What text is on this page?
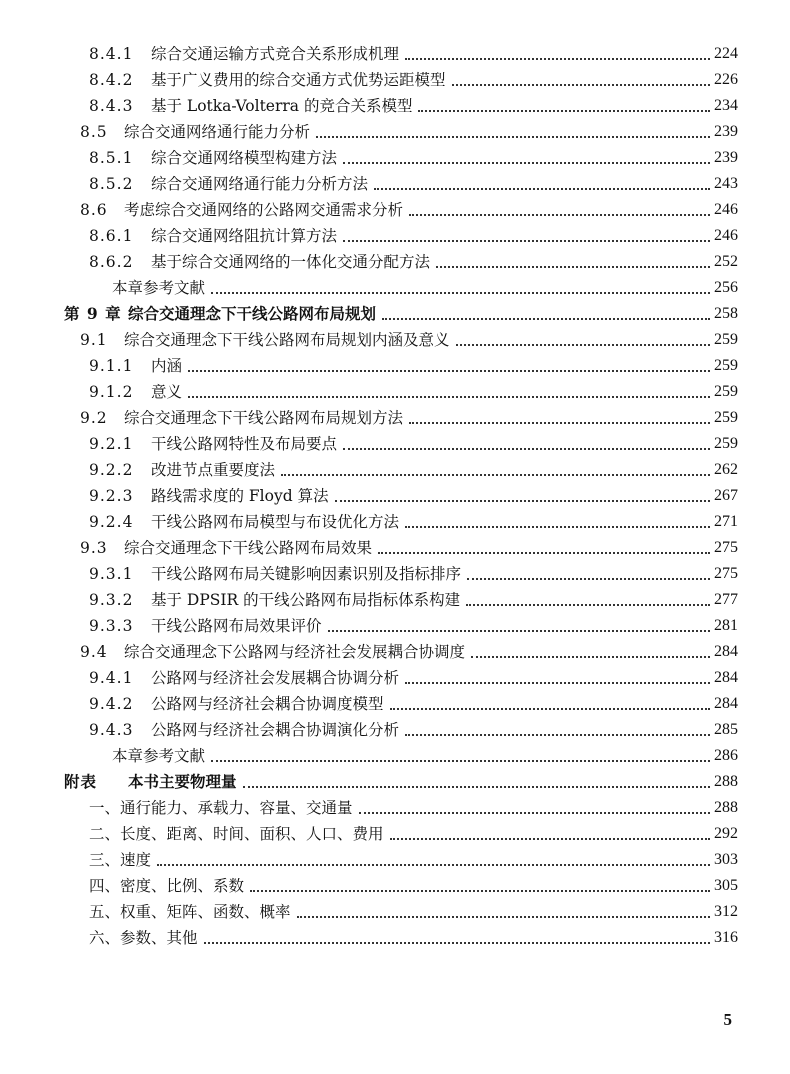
8.4.1	综合交通运输方式竞合关系形成机理	224
8.4.2	基于广义费用的综合交通方式优势运距模型	226
8.4.3	基于 Lotka-Volterra 的竞合关系模型	234
8.5	综合交通网络通行能力分析	239
8.5.1	综合交通网络模型构建方法	239
8.5.2	综合交通网络通行能力分析方法	243
8.6	考虑综合交通网络的公路网交通需求分析	246
8.6.1	综合交通网络阻抗计算方法	246
8.6.2	基于综合交通网络的一体化交通分配方法	252
本章参考文献	256
第 9 章 综合交通理念下干线公路网布局规划	258
9.1	综合交通理念下干线公路网布局规划内涵及意义	259
9.1.1	内涵	259
9.1.2	意义	259
9.2	综合交通理念下干线公路网布局规划方法	259
9.2.1	干线公路网特性及布局要点	259
9.2.2	改进节点重要度法	262
9.2.3	路线需求度的 Floyd 算法	267
9.2.4	干线公路网布局模型与布设优化方法	271
9.3	综合交通理念下干线公路网布局效果	275
9.3.1	干线公路网布局关键影响因素识别及指标排序	275
9.3.2	基于 DPSIR 的干线公路网布局指标体系构建	277
9.3.3	干线公路网布局效果评价	281
9.4	综合交通理念下公路网与经济社会发展耦合协调度	284
9.4.1	公路网与经济社会发展耦合协调分析	284
9.4.2	公路网与经济社会耦合协调度模型	284
9.4.3	公路网与经济社会耦合协调演化分析	285
本章参考文献	286
附表	本书主要物理量	288
一、通行能力、承载力、容量、交通量	288
二、长度、距离、时间、面积、人口、费用	292
三、速度	303
四、密度、比例、系数	305
五、权重、矩阵、函数、概率	312
六、参数、其他	316
5
